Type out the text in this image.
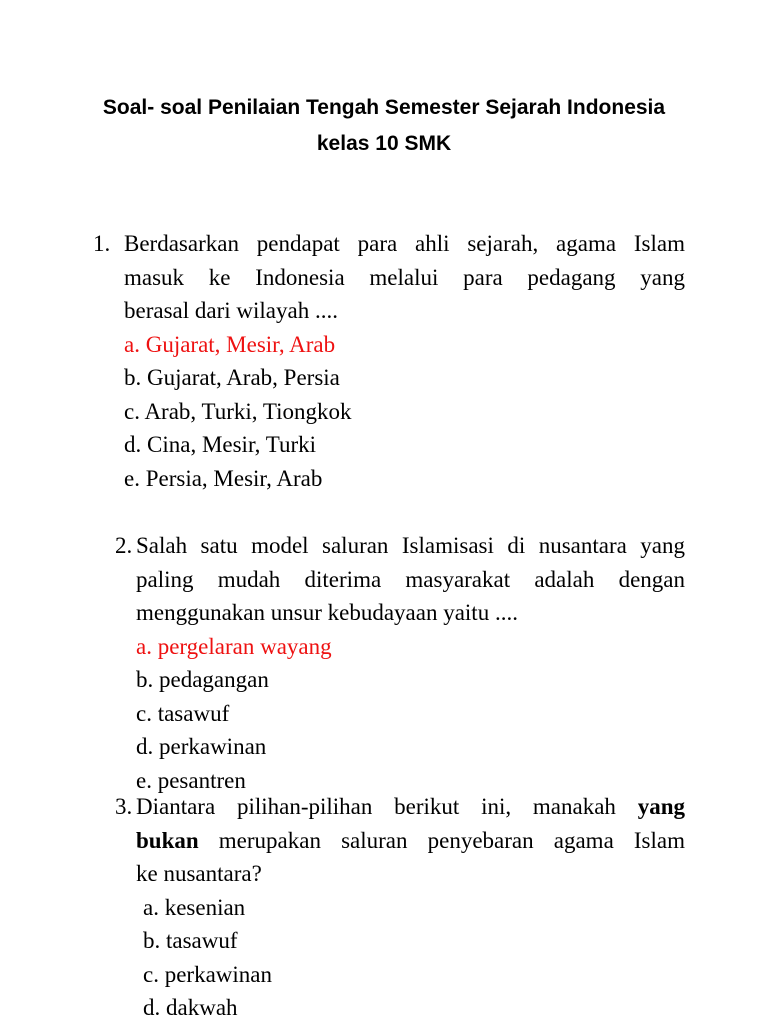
Soal- soal Penilaian Tengah Semester Sejarah Indonesia
kelas 10 SMK
1. Berdasarkan pendapat para ahli sejarah, agama Islam
masuk ke Indonesia melalui para pedagang yang
berasal dari wilayah ....
a. Gujarat, Mesir, Arab
b. Gujarat, Arab, Persia
c. Arab, Turki, Tiongkok
d. Cina, Mesir, Turki
e. Persia, Mesir, Arab
2. Salah satu model saluran Islamisasi di nusantara yang
paling mudah diterima masyarakat adalah dengan
menggunakan unsur kebudayaan yaitu ....
a. pergelaran wayang
b. pedagangan
c. tasawuf
d. perkawinan
e. pesantren
3. Diantara pilihan-pilihan berikut ini, manakah yang
bukan merupakan saluran penyebaran agama Islam
ke nusantara?
a. kesenian
b. tasawuf
c. perkawinan
d. dakwah
